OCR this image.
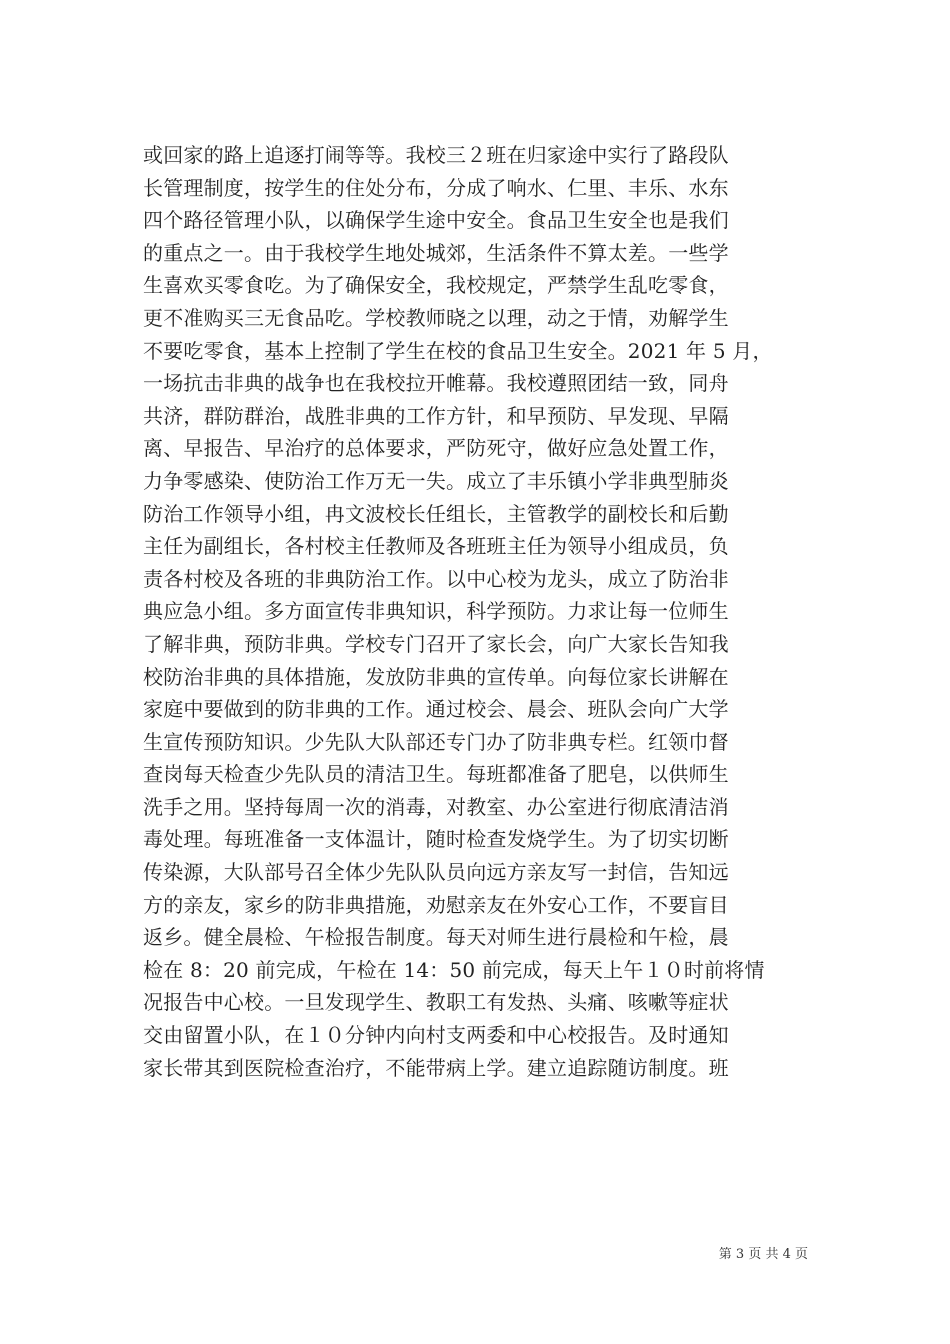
或回家的路上追逐打闹等等。我校三２班在归家途中实行了路段队
长管理制度，按学生的住处分布，分成了响水、仁里、丰乐、水东
四个路径管理小队，以确保学生途中安全。食品卫生安全也是我们
的重点之一。由于我校学生地处城郊，生活条件不算太差。一些学
生喜欢买零食吃。为了确保安全，我校规定，严禁学生乱吃零食，
更不准购买三无食品吃。学校教师晓之以理，动之于情，劝解学生
不要吃零食，基本上控制了学生在校的食品卫生安全。2021 年 5 月，
一场抗击非典的战争也在我校拉开帷幕。我校遵照团结一致，同舟
共济，群防群治，战胜非典的工作方针，和早预防、早发现、早隔
离、早报告、早治疗的总体要求，严防死守，做好应急处置工作，
力争零感染、使防治工作万无一失。成立了丰乐镇小学非典型肺炎
防治工作领导小组，冉文波校长任组长，主管教学的副校长和后勤
主任为副组长，各村校主任教师及各班班主任为领导小组成员，负
责各村校及各班的非典防治工作。以中心校为龙头，成立了防治非
典应急小组。多方面宣传非典知识，科学预防。力求让每一位师生
了解非典，预防非典。学校专门召开了家长会，向广大家长告知我
校防治非典的具体措施，发放防非典的宣传单。向每位家长讲解在
家庭中要做到的防非典的工作。通过校会、晨会、班队会向广大学
生宣传预防知识。少先队大队部还专门办了防非典专栏。红领巾督
查岗每天检查少先队员的清洁卫生。每班都准备了肥皂，以供师生
洗手之用。坚持每周一次的消毒，对教室、办公室进行彻底清洁消
毒处理。每班准备一支体温计，随时检查发烧学生。为了切实切断
传染源，大队部号召全体少先队队员向远方亲友写一封信，告知远
方的亲友，家乡的防非典措施，劝慰亲友在外安心工作，不要盲目
返乡。健全晨检、午检报告制度。每天对师生进行晨检和午检，晨
检在 8：20 前完成，午检在 14：50 前完成，每天上午１０时前将情
况报告中心校。一旦发现学生、教职工有发热、头痛、咳嗽等症状
交由留置小队，在１０分钟内向村支两委和中心校报告。及时通知
家长带其到医院检查治疗，不能带病上学。建立追踪随访制度。班
第 3 页 共 4 页
